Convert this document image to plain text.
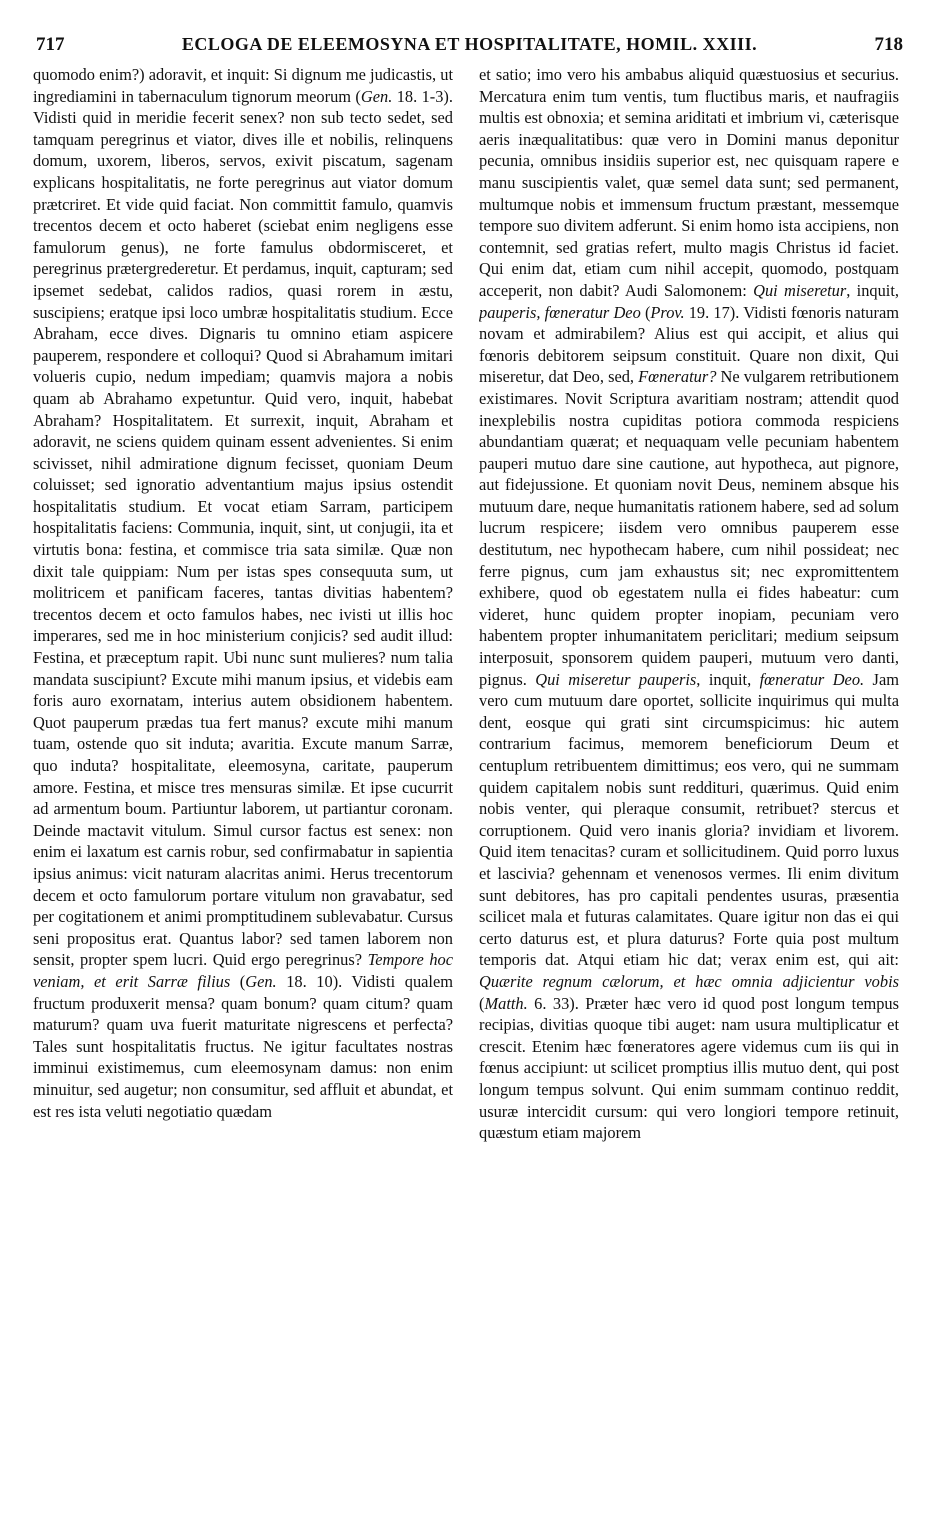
717	ECLOGA DE ELEEMOSYNA ET HOSPITALITATE, HOMIL. XXIII.	718
quomodo enim?) adoravit, et inquit: Si dignum me judicastis, ut ingrediamini in tabernaculum tignorum meorum (Gen. 18. 1-3). Vidisti quid in meridie fecerit senex? non sub tecto sedet, sed tamquam peregrinus et viator, dives ille et nobilis, relinquens domum, uxorem, liberos, servos, exivit piscatum, sagenam explicans hospitalitatis, ne forte peregrinus aut viator domum prætcriret. Et vide quid faciat. Non committit famulo, quamvis trecentos decem et octo haberet (sciebat enim negligens esse famulorum genus), ne forte famulus obdormisceret, et peregrinus prætergrederetur. Et perdamus, inquit, capturam; sed ipsemet sedebat, calidos radios, quasi rorem in æstu, suscipiens; eratque ipsi loco umbræ hospitalitatis studium. Ecce Abraham, ecce dives. Dignaris tu omnino etiam aspicere pauperem, respondere et colloqui? Quod si Abrahamum imitari volueris cupio, nedum impediam; quamvis majora a nobis quam ab Abrahamo expetuntur. Quid vero, inquit, habebat Abraham? Hospitalitatem. Et surrexit, inquit, Abraham et adoravit, ne sciens quidem quinam essent advenientes. Si enim scivisset, nihil admiratione dignum fecisset, quoniam Deum coluisset; sed ignoratio adventantium majus ipsius ostendit hospitalitatis studium. Et vocat etiam Sarram, participem hospitalitatis faciens: Communia, inquit, sint, ut conjugii, ita et virtutis bona: festina, et commisce tria sata similæ. Quæ non dixit tale quippiam: Num per istas spes consequuta sum, ut molitricem et panificam faceres, tantas divitias habentem? trecentos decem et octo famulos habes, nec ivisti ut illis hoc imperares, sed me in hoc ministerium conjicis? sed audit illud: Festina, et præceptum rapit. Ubi nunc sunt mulieres? num talia mandata suscipiunt? Excute mihi manum ipsius, et videbis eam foris auro exornatam, interius autem obsidionem habentem. Quot pauperum prædas tua fert manus? excute mihi manum tuam, ostende quo sit induta; avaritia. Excute manum Sarræ, quo induta? hospitalitate, eleemosyna, caritate, pauperum amore. Festina, et misce tres mensuras similæ. Et ipse cucurrit ad armentum boum. Partiuntur laborem, ut partiantur coronam. Deinde mactavit vitulum. Simul cursor factus est senex: non enim ei laxatum est carnis robur, sed confirmabatur in sapientia ipsius animus: vicit naturam alacritas animi. Herus trecentorum decem et octo famulorum portare vitulum non gravabatur, sed per cogitationem et animi promptitudinem sublevabatur. Cursus seni propositus erat. Quantus labor? sed tamen laborem non sensit, propter spem lucri. Quid ergo peregrinus? Tempore hoc veniam, et erit Sarræ filius (Gen. 18. 10). Vidisti qualem fructum produxerit mensa? quam bonum? quam citum? quam maturum? quam uva fuerit maturitate nigrescens et perfecta? Tales sunt hospitalitatis fructus. Ne igitur facultates nostras imminui existimemus, cum eleemosynam damus: non enim minuitur, sed augetur; non consumitur, sed affluit et abundat, et est res ista veluti negotiatio quædam
et satio; imo vero his ambabus aliquid quæstuosius et securius. Mercatura enim tum ventis, tum fluctibus maris, et naufragiis multis est obnoxia; et semina ariditati et imbrium vi, cæterisque aeris inæqualitatibus: quæ vero in Domini manus deponitur pecunia, omnibus insidiis superior est, nec quisquam rapere e manu suscipientis valet, quæ semel data sunt; sed permanent, multumque nobis et immensum fructum præstant, messemque tempore suo divitem adferunt. Si enim homo ista accipiens, non contemnit, sed gratias refert, multo magis Christus id faciet. Qui enim dat, etiam cum nihil accepit, quomodo, postquam acceperit, non dabit? Audi Salomonem: Qui miseretur, inquit, pauperis, fœneratur Deo (Prov. 19. 17). Vidisti fœnoris naturam novam et admirabilem? Alius est qui accipit, et alius qui fœnoris debitorem seipsum constituit. Quare non dixit, Qui miseretur, dat Deo, sed, Fœneratur? Ne vulgarem retributionem existimares. Novit Scriptura avaritiam nostram; attendit quod inexplebilis nostra cupiditas potiora commoda respiciens abundantiam quærat; et nequaquam velle pecuniam habentem pauperi mutuo dare sine cautione, aut hypotheca, aut pignore, aut fidejussione. Et quoniam novit Deus, neminem absque his mutuum dare, neque humanitatis rationem habere, sed ad solum lucrum respicere; iisdem vero omnibus pauperem esse destitutum, nec hypothecam habere, cum nihil possideat; nec ferre pignus, cum jam exhaustus sit; nec expromittentem exhibere, quod ob egestatem nulla ei fides habeatur: cum videret, hunc quidem propter inopiam, pecuniam vero habentem propter inhumanitatem periclitari; medium seipsum interposuit, sponsorem quidem pauperi, mutuum vero danti, pignus. Qui miseretur pauperis, inquit, fœneratur Deo. Jam vero cum mutuum dare oportet, sollicite inquirimus qui multa dent, eosque qui grati sint circumspicimus: hic autem contrarium facimus, memorem beneficiorum Deum et centuplum retribuentem dimittimus; eos vero, qui ne summam quidem capitalem nobis sunt reddituri, quærimus. Quid enim nobis venter, qui pleraque consumit, retribuet? stercus et corruptionem. Quid vero inanis gloria? invidiam et livorem. Quid item tenacitas? curam et sollicitudinem. Quid porro luxus et lascivia? gehennam et venenosos vermes. Ili enim divitum sunt debitores, has pro capitali pendentes usuras, præsentia scilicet mala et futuras calamitates. Quare igitur non das ei qui certo daturus est, et plura daturus? Forte quia post multum temporis dat. Atqui etiam hic dat; verax enim est, qui ait: Quærite regnum cælorum, et hæc omnia adjicientur vobis (Matth. 6. 33). Præter hæc vero id quod post longum tempus recipias, divitias quoque tibi auget: nam usura multiplicatur et crescit. Etenim hæc fœneratores agere videmus cum iis qui in fœnus accipiunt: ut scilicet promptius illis mutuo dent, qui post longum tempus solvunt. Qui enim summam continuo reddit, usuræ intercidit cursum: qui vero longiori tempore retinuit, quæstum etiam majorem
